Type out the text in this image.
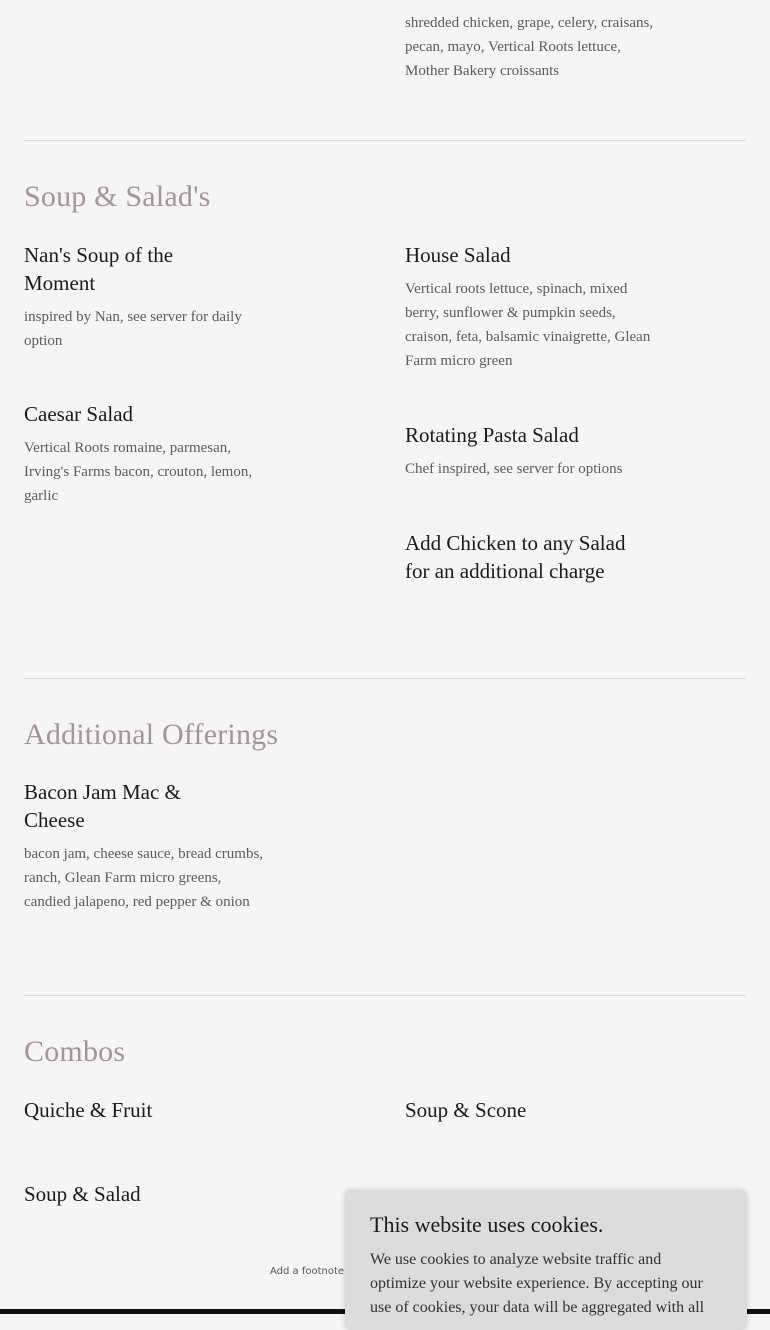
shredded chicken, grape, celery, craisans, pecan, mayo, Vertical Roots lettuce, Mother Bakery croissants
Soup & Salad's
Nan's Soup of the Moment
inspired by Nan, see server for daily option
House Salad
Vertical roots lettuce, spinach, mixed berry, sunflower & pumpkin seeds, craison, feta, balsamic vinaigrette, Glean Farm micro green
Caesar Salad
Vertical Roots romaine, parmesan, Irving's Farms bacon, crouton, lemon, garlic
Rotating Pasta Salad
Chef inspired, see server for options
Add Chicken to any Salad for an additional charge
Additional Offerings
Bacon Jam Mac & Cheese
bacon jam, cheese sauce, bread crumbs, ranch, Glean Farm micro greens, candied jalapeno, red pepper & onion
Combos
Quiche & Fruit	Soup & Scone
Soup & Salad
Add a footnote
This website uses cookies.
We use cookies to analyze website traffic and optimize your website experience. By accepting our use of cookies, your data will be aggregated with all
